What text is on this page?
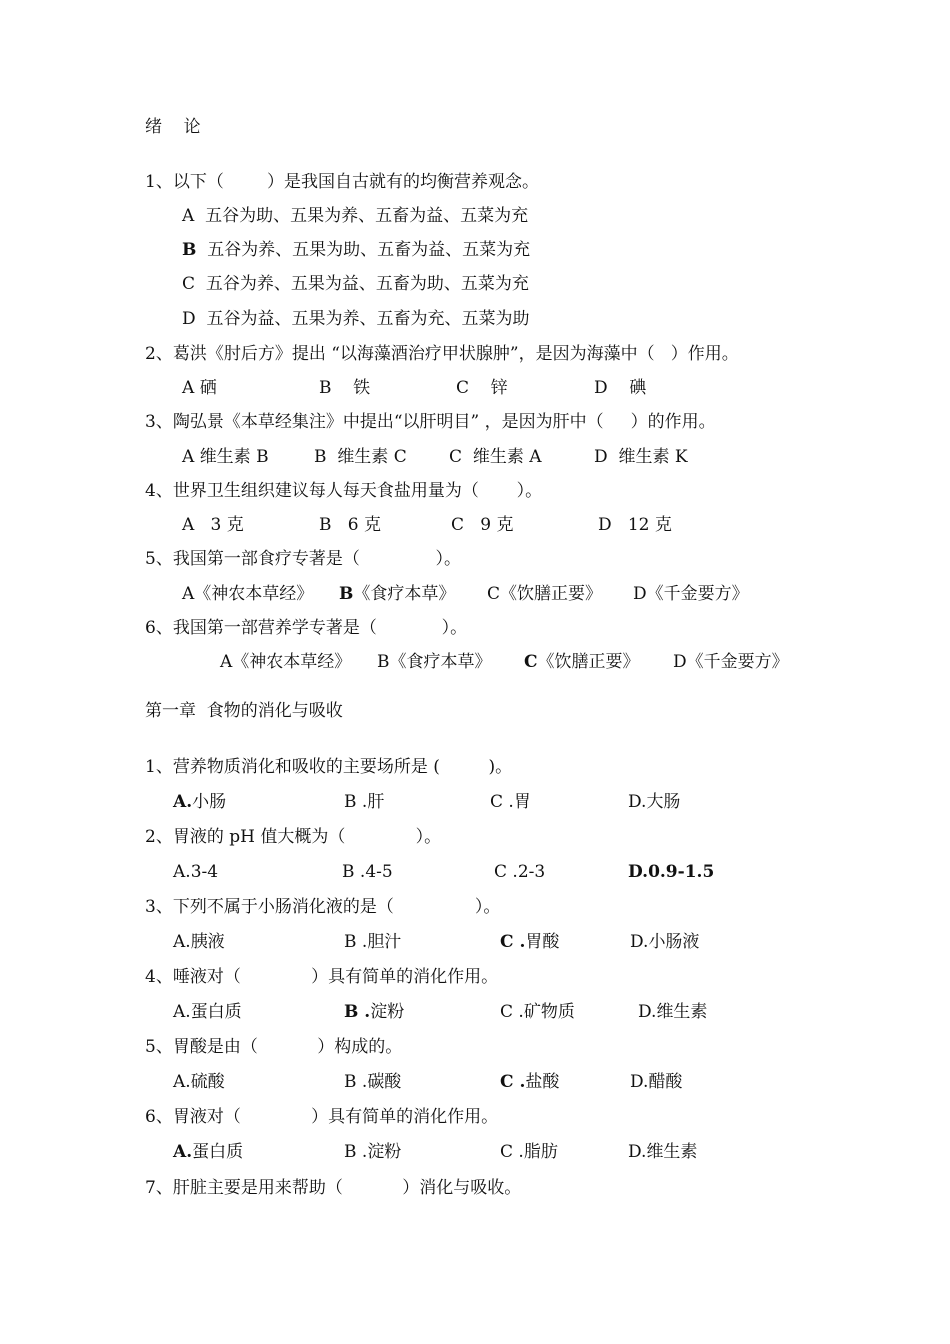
绪    论
1、以下（        ）是我国自古就有的均衡营养观念。
A 五谷为助、五果为养、五畜为益、五菜为充
B 五谷为养、五果为助、五畜为益、五菜为充
C 五谷为养、五果为益、五畜为助、五菜为充
D 五谷为益、五果为养、五畜为充、五菜为助
2、葛洪《肘后方》提出 “以海藻酒治疗甲状腺肿”，是因为海藻中（   ）作用。
A 硒	B 铁	C 锌	D 碘
3、陶弘景《本草经集注》中提出“以肝明目” ，是因为肝中（     ）的作用。
A 维生素 B	B 维生素 C C 维生素 A	D 维生素 K
4、世界卫生组织建议每人每天食盐用量为（       ）。
A 3 克	B 6 克	C 9 克	D 12 克
5、我国第一部食疗专著是（              ）。
A《神农本草经》 B《食疗本草》 C《饮膳正要》 D《千金要方》
6、我国第一部营养学专著是（            ）。
A《神农本草经》 B《食疗本草》 C《饮膳正要》 D《千金要方》
第一章  食物的消化与吸收
1、营养物质消化和吸收的主要场所是 (         )。
A.小肠	B .肝	C .胃	D.大肠
2、胃液的 pH 值大概为（             ）。
A.3-4	B .4-5	C .2-3	D.0.9-1.5
3、下列不属于小肠消化液的是（               ）。
A.胰液	B .胆汁	C .胃酸	D.小肠液
4、唾液对（             ）具有简单的消化作用。
A.蛋白质	B .淀粉	C .矿物质	D.维生素
5、胃酸是由（           ）构成的。
A.硫酸	B .碳酸	C .盐酸	D.醋酸
6、胃液对（             ）具有简单的消化作用。
A.蛋白质	B .淀粉	C .脂肪	D.维生素
7、肝脏主要是用来帮助（           ）消化与吸收。
